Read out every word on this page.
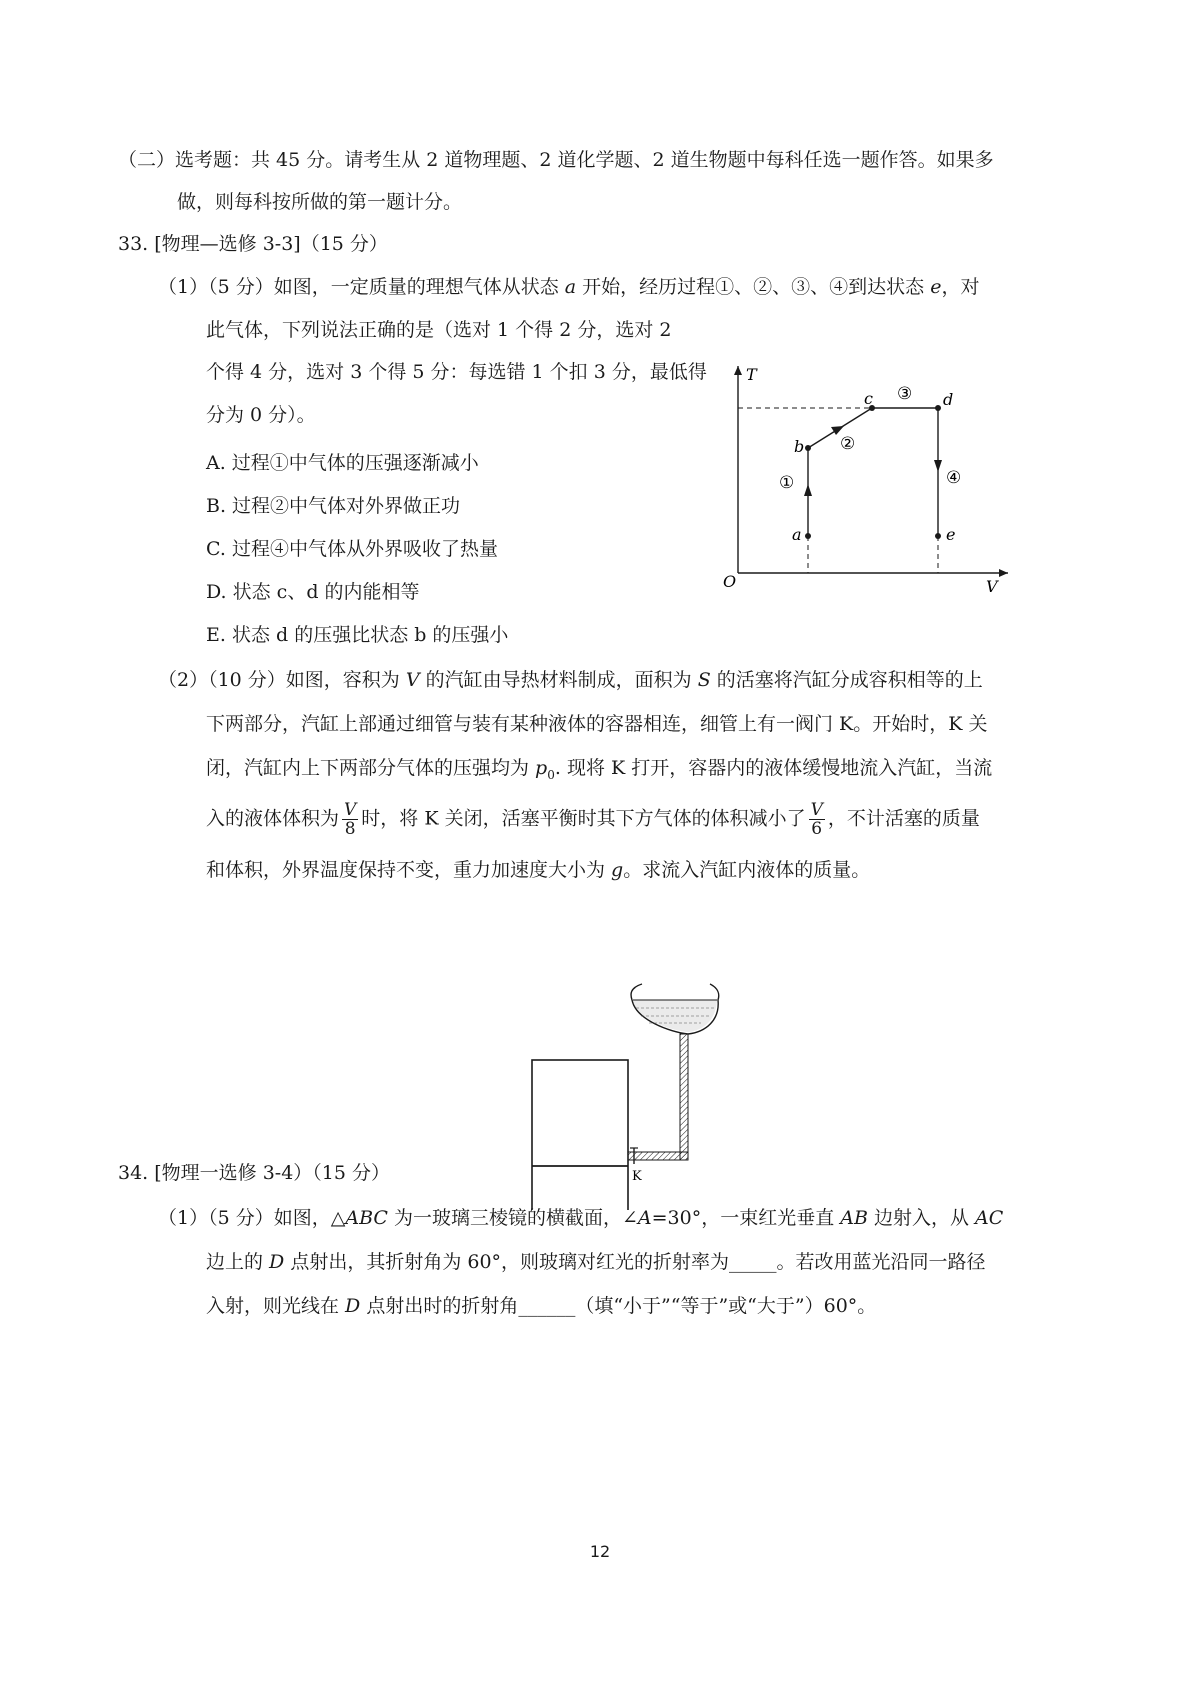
（二）选考题：共 45 分。请考生从 2 道物理题、2 道化学题、2 道生物题中每科任选一题作答。如果多
做，则每科按所做的第一题计分。
33. [物理—选修 3-3]（15 分）
（1）（5 分）如图，一定质量的理想气体从状态 a 开始，经历过程①、②、③、④到达状态 e，对
此气体，下列说法正确的是（选对 1 个得 2 分，选对 2
个得 4 分，选对 3 个得 5 分：每选错 1 个扣 3 分，最低得
分为 0 分）。
A. 过程①中气体的压强逐渐减小
B. 过程②中气体对外界做正功
C. 过程④中气体从外界吸收了热量
D. 状态 c、d 的内能相等
E. 状态 d 的压强比状态 b 的压强小
T
V
O
a
b
c	d
e
①
②
③
④
（2）（10 分）如图，容积为 V 的汽缸由导热材料制成，面积为 S 的活塞将汽缸分成容积相等的上
下两部分，汽缸上部通过细管与装有某种液体的容器相连，细管上有一阀门 K。开始时，K 关
闭，汽缸内上下两部分气体的压强均为 $p_0$. 现将 K 打开，容器内的液体缓慢地流入汽缸，当流
入的液体体积为 $\frac{V}{8}$ 时，将 K 关闭，活塞平衡时其下方气体的体积减小了 $\frac{V}{6}$ ，不计活塞的质量
和体积，外界温度保持不变，重力加速度大小为 g。求流入汽缸内液体的质量。
K
34. [物理一选修 3-4）（15 分）
（1）（5 分）如图，△ABC 为一玻璃三棱镜的横截面，∠A=30°，一束红光垂直 AB 边射入，从 AC
边上的 D 点射出，其折射角为 60°，则玻璃对红光的折射率为_____。若改用蓝光沿同一路径
入射，则光线在 D 点射出时的折射角______（填“小于”“等于”或“大于”）60°。
12
